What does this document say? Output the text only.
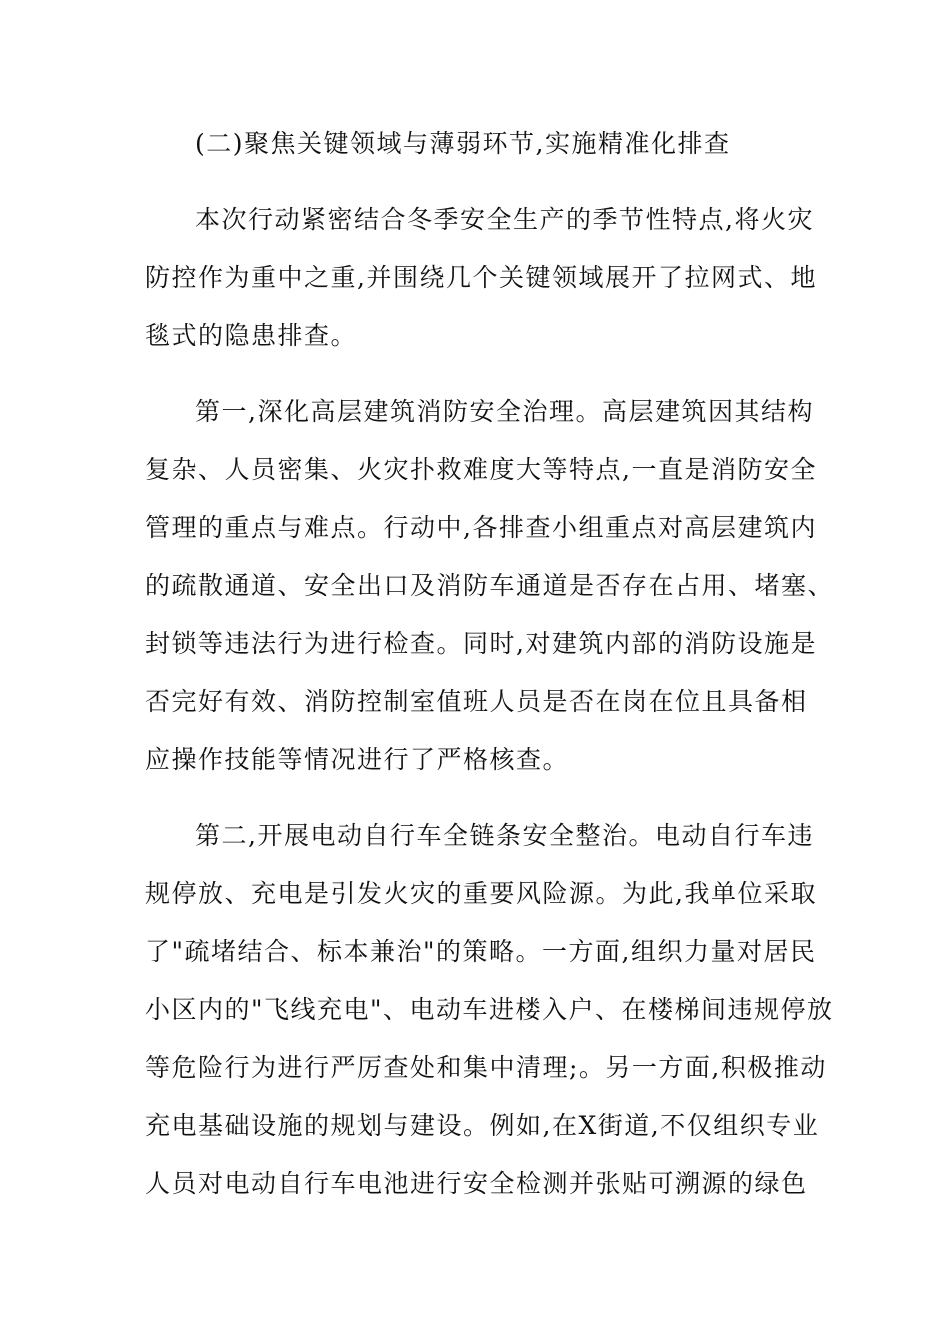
(二)聚焦关键领域与薄弱环节,实施精准化排查
本次行动紧密结合冬季安全生产的季节性特点,将火灾
防控作为重中之重,并围绕几个关键领域展开了拉网式、地
毯式的隐患排查。
第一,深化高层建筑消防安全治理。高层建筑因其结构
复杂、人员密集、火灾扑救难度大等特点,一直是消防安全
管理的重点与难点。行动中,各排查小组重点对高层建筑内
的疏散通道、安全出口及消防车通道是否存在占用、堵塞、
封锁等违法行为进行检查。同时,对建筑内部的消防设施是
否完好有效、消防控制室值班人员是否在岗在位且具备相
应操作技能等情况进行了严格核查。
第二,开展电动自行车全链条安全整治。电动自行车违
规停放、充电是引发火灾的重要风险源。为此,我单位采取
了"疏堵结合、标本兼治"的策略。一方面,组织力量对居民
小区内的"飞线充电"、电动车进楼入户、在楼梯间违规停放
等危险行为进行严厉查处和集中清理;。另一方面,积极推动
充电基础设施的规划与建设。例如,在X街道,不仅组织专业
人员对电动自行车电池进行安全检测并张贴可溯源的绿色
